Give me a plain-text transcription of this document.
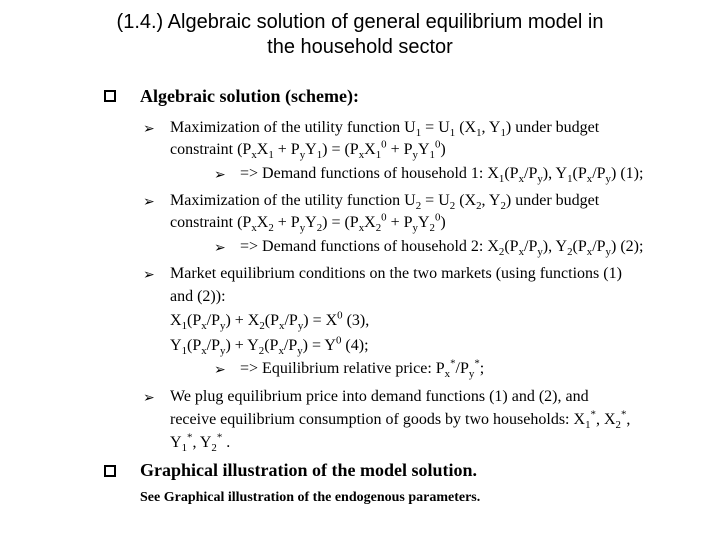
(1.4.) Algebraic solution of general equilibrium model in
the household sector
Algebraic solution (scheme):
➢ Maximization of the utility function $U_1 = U_1$ ($X_1$, $Y_1$) under budget
constraint $(P_xX_1 + P_yY_1) = (P_xX_1^0 + P_yY_1^0)$
➢ => Demand functions of household 1: $X_1(P_x/P_y)$, $Y_1(P_x/P_y)$ (1);
➢ Maximization of the utility function $U_2 = U_2$ ($X_2$, $Y_2$) under budget
constraint $(P_xX_2 + P_yY_2) = (P_xX_2^0 + P_yY_2^0)$
➢ => Demand functions of household 2: $X_2(P_x/P_y)$, $Y_2(P_x/P_y)$ (2);
➢ Market equilibrium conditions on the two markets (using functions (1)
and (2)):
$X_1(P_x/P_y) + X_2(P_x/P_y) = X^0$ (3),
$Y_1(P_x/P_y) + Y_2(P_x/P_y) = Y^0$ (4);
➢ => Equilibrium relative price: $P_x^*/P_y^*$;
➢ We plug equilibrium price into demand functions (1) and (2), and
receive equilibrium consumption of goods by two households: $X_1^*$, $X_2^*$,
$Y_1^*$, $Y_2^*$ .
Graphical illustration of the model solution.
See Graphical illustration of the endogenous parameters.
